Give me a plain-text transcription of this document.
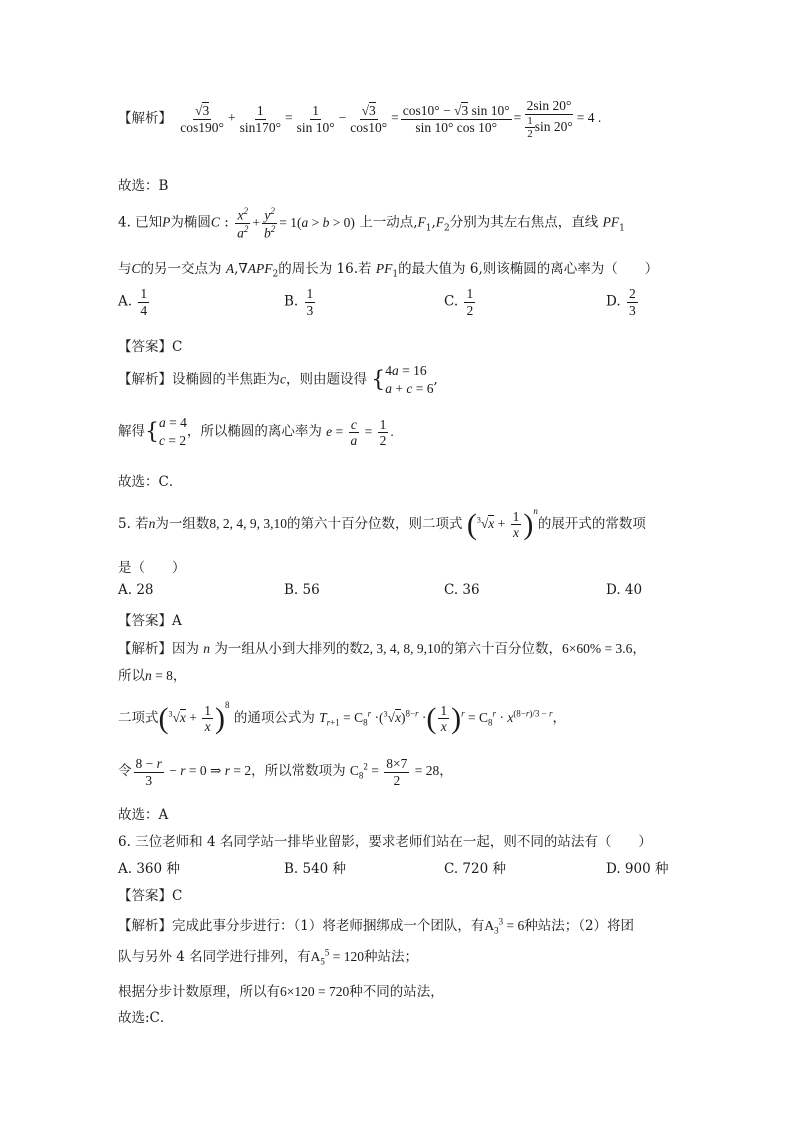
【解析】 $\frac{√3}{\cos 190^\circ} + \frac{1}{\sin 170^\circ} = \frac{1}{\sin 10^\circ} - \frac{√3}{\cos 10^\circ} = \frac{\cos 10^\circ - √3 \sin 10^\circ}{\sin 10^\circ \cos 10^\circ} = \frac{2\sin 20^\circ}{\frac{1}{2} \sin 20^\circ} = 4$ .
故选：B
4. 已知P为椭圆C : $\frac{x^2}{a^2} + \frac{y^2}{b^2} = 1(a > b > 0)$ 上一动点$,F_1,F_2$分别为其左右焦点，直线 $PF_1$
与C的另一交点为 $A,\nabla APF_2$的周长为 16.若 $PF_1$的最大值为 6,则该椭圆的离心率为（　　）
A. $\frac{1}{4}$	B. $\frac{1}{3}$	C. $\frac{1}{2}$	D. $\frac{2}{3}$
【答案】C
【解析】设椭圆的半焦距为c，则由题设得 { 4a = 16
a + c = 6
,
解得{ a = 4
c = 2
，所以椭圆的离心率为 $e = \frac{c}{a} = \frac{1}{2}$ .
故选：C．
5. 若n为一组数8, 2, 4, 9, 3,10的第六十百分位数，则二项式 $(^3√x + \frac{1}{x} )^n$的展开式的常数项
是（　　）
A. 28	B. 56	C. 36	D. 40
【答案】A
【解析】因为 n 为一组从小到大排列的数2, 3, 4, 8, 9,10的第六十百分位数，6×60% = 3.6，
所以n = 8，
二项式$(^3√x + \frac{1}{x} )^8$ 的通项公式为 $T_{r+1} = C_8^r \cdot(^3√x)^{8-r}$ ·( $\frac{1}{x} )^r = C_8^r \cdot x^{(8-r)/3 - r}$，
令 $\frac{8 - r}{3} - r = 0$ ⇒ r = 2，所以常数项为 $C_8^2 = \frac{8\times 7}{2} = 28$，
故选：A
6. 三位老师和 4 名同学站一排毕业留影，要求老师们站在一起，则不同的站法有（　　）
A. 360 种	B. 540 种	C. 720 种	D. 900 种
【答案】C
【解析】完成此事分步进行：（1）将老师捆绑成一个团队，有$A_3^3 = 6$种站法；（2）将团
队与另外 4 名同学进行排列，有$A_5^5 = 120$种站法；
根据分步计数原理，所以有6×120 = 720种不同的站法，
故选:C．
